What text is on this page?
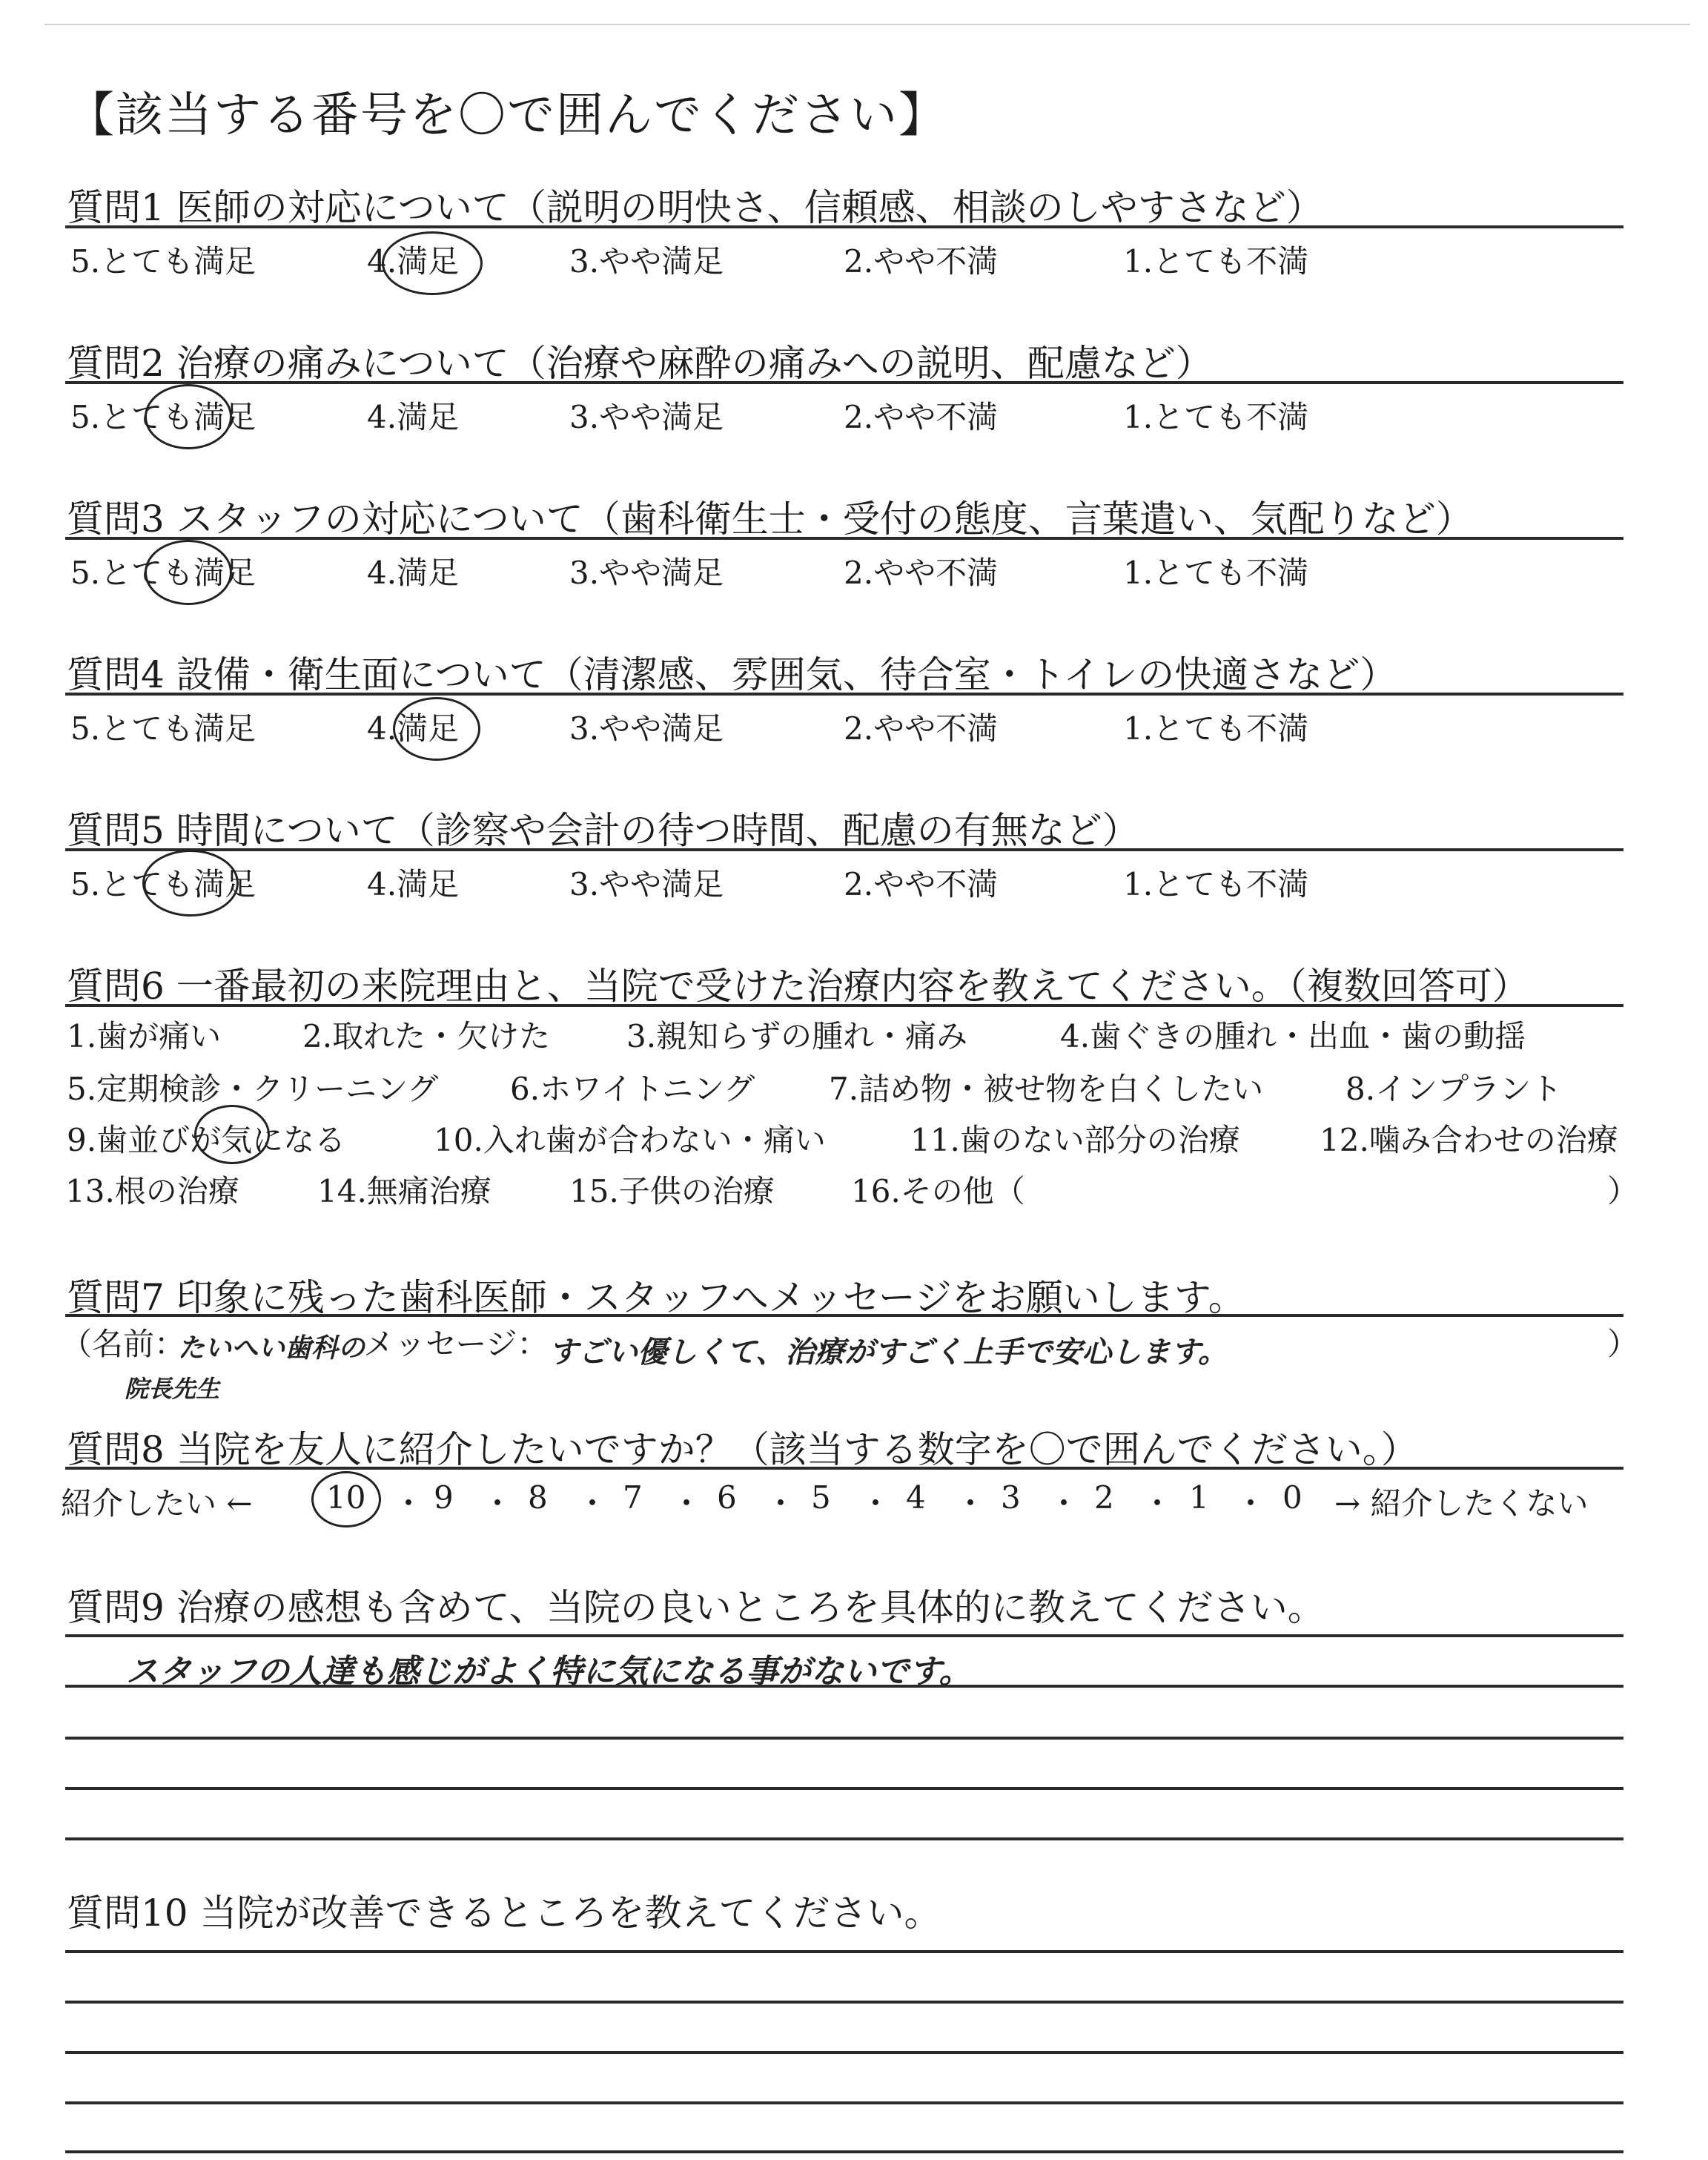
【該当する番号を〇で囲んでください】
質問1 医師の対応について（説明の明快さ、信頼感、相談のしやすさなど）
5.とても満足	4.満足	3.やや満足	2.やや不満	1.とても不満
質問2 治療の痛みについて（治療や麻酔の痛みへの説明、配慮など）
5.とても満足	4.満足	3.やや満足	2.やや不満	1.とても不満
質問3 スタッフの対応について（歯科衛生士・受付の態度、言葉遣い、気配りなど）
5.とても満足	4.満足	3.やや満足	2.やや不満	1.とても不満
質問4 設備・衛生面について（清潔感、雰囲気、待合室・トイレの快適さなど）
5.とても満足	4.満足	3.やや満足	2.やや不満	1.とても不満
質問5 時間について（診察や会計の待つ時間、配慮の有無など）
5.とても満足	4.満足	3.やや満足	2.やや不満	1.とても不満
質問6 一番最初の来院理由と、当院で受けた治療内容を教えてください。（複数回答可）
1.歯が痛い	2.取れた・欠けた 3.親知らずの腫れ・痛み	4.歯ぐきの腫れ・出血・歯の動揺
5.定期検診・クリーニング 6.ホワイトニング 7.詰め物・被せ物を白くしたい	8.インプラント
9.歯並びが気になる	10.入れ歯が合わない・痛い	11.歯のない部分の治療	12.噛み合わせの治療
13.根の治療	14.無痛治療	15.子供の治療 16.その他（	）
質問7 印象に残った歯科医師・スタッフへメッセージをお願いします。
（名前：
たいへい歯科の
院長先生
メッセージ： すごい優しくて、治療がすごく上手で安心します。	）
質問8 当院を友人に紹介したいですか？（該当する数字を〇で囲んでください。）
紹介したい ← 10 ・ 9 ・ 8 ・ 7 ・ 6 ・ 5 ・ 4 ・ 3 ・ 2 ・ 1 ・ 0 → 紹介したくない
質問9 治療の感想も含めて、当院の良いところを具体的に教えてください。
スタッフの人達も感じがよく特に気になる事がないです。
質問10 当院が改善できるところを教えてください。
